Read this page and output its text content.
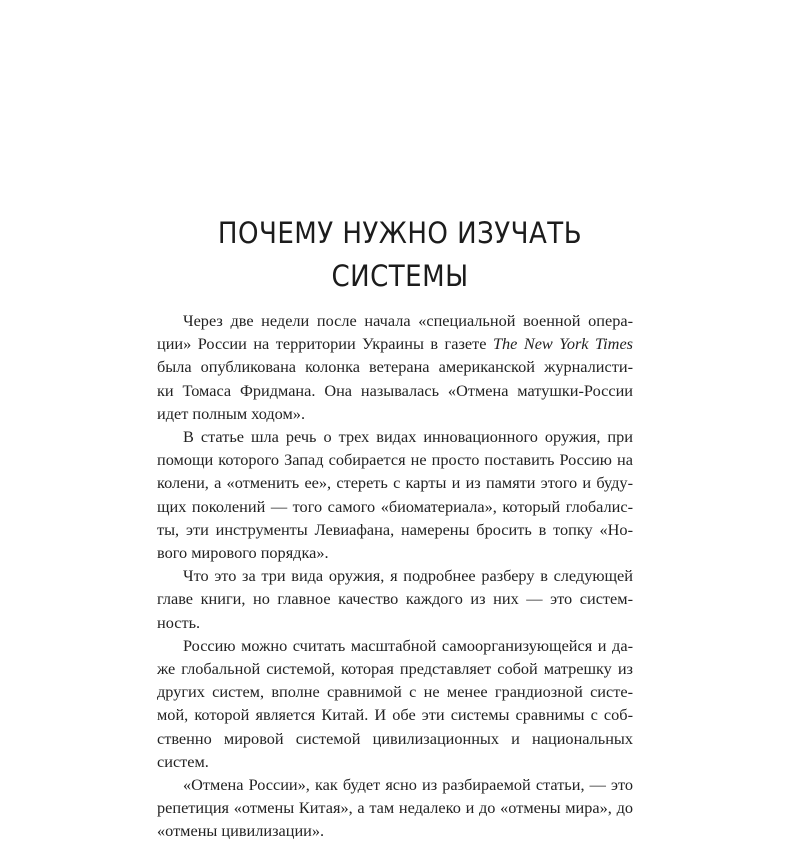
ПОЧЕМУ НУЖНО ИЗУЧАТЬ
СИСТЕМЫ

Через две недели после начала «специальной военной опера-
ции» России на территории Украины в газете The New York Times
была опубликована колонка ветерана американской журналисти-
ки Томаса Фридмана. Она называлась «Отмена матушки-России
идет полным ходом».

В статье шла речь о трех видах инновационного оружия, при
помощи которого Запад собирается не просто поставить Россию на
колени, а «отменить ее», стереть с карты и из памяти этого и буду-
щих поколений — того самого «биоматериала», который глобалис-
ты, эти инструменты Левиафана, намерены бросить в топку «Но-
вого мирового порядка».

Что это за три вида оружия, я подробнее разберу в следующей
главе книги, но главное качество каждого из них — это систем-
ность.

Россию можно считать масштабной самоорганизующейся и да-
же глобальной системой, которая представляет собой матрешку из
других систем, вполне сравнимой с не менее грандиозной систе-
мой, которой является Китай. И обе эти системы сравнимы с соб-
ственно мировой системой цивилизационных и национальных
систем.

«Отмена России», как будет ясно из разбираемой статьи, — это
репетиция «отмены Китая», а там недалеко и до «отмены мира», до
«отмены цивилизации».
